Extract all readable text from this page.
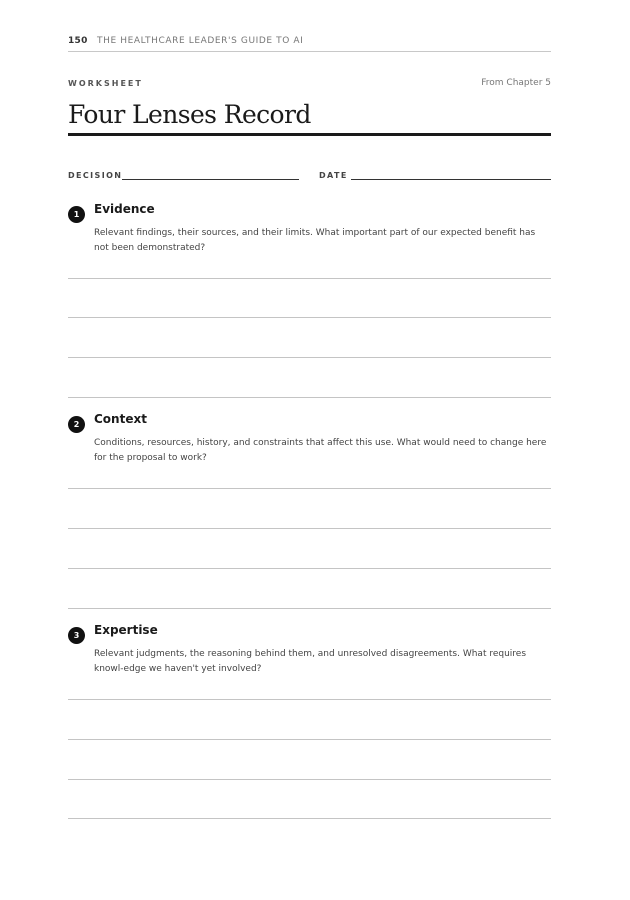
150 THE HEALTHCARE LEADER'S GUIDE TO AI
WORKSHEET	From Chapter 5
Four Lenses Record
DECISION	DATE
1	Evidence

Relevant findings, their sources, and their limits. What important part of our expected benefit has not been demonstrated?

2	Context

Conditions, resources, history, and constraints that affect this use. What would need to change here for the proposal to work?

3	Expertise

Relevant judgments, the reasoning behind them, and unresolved disagreements. What requires knowl-edge we haven't yet involved?
